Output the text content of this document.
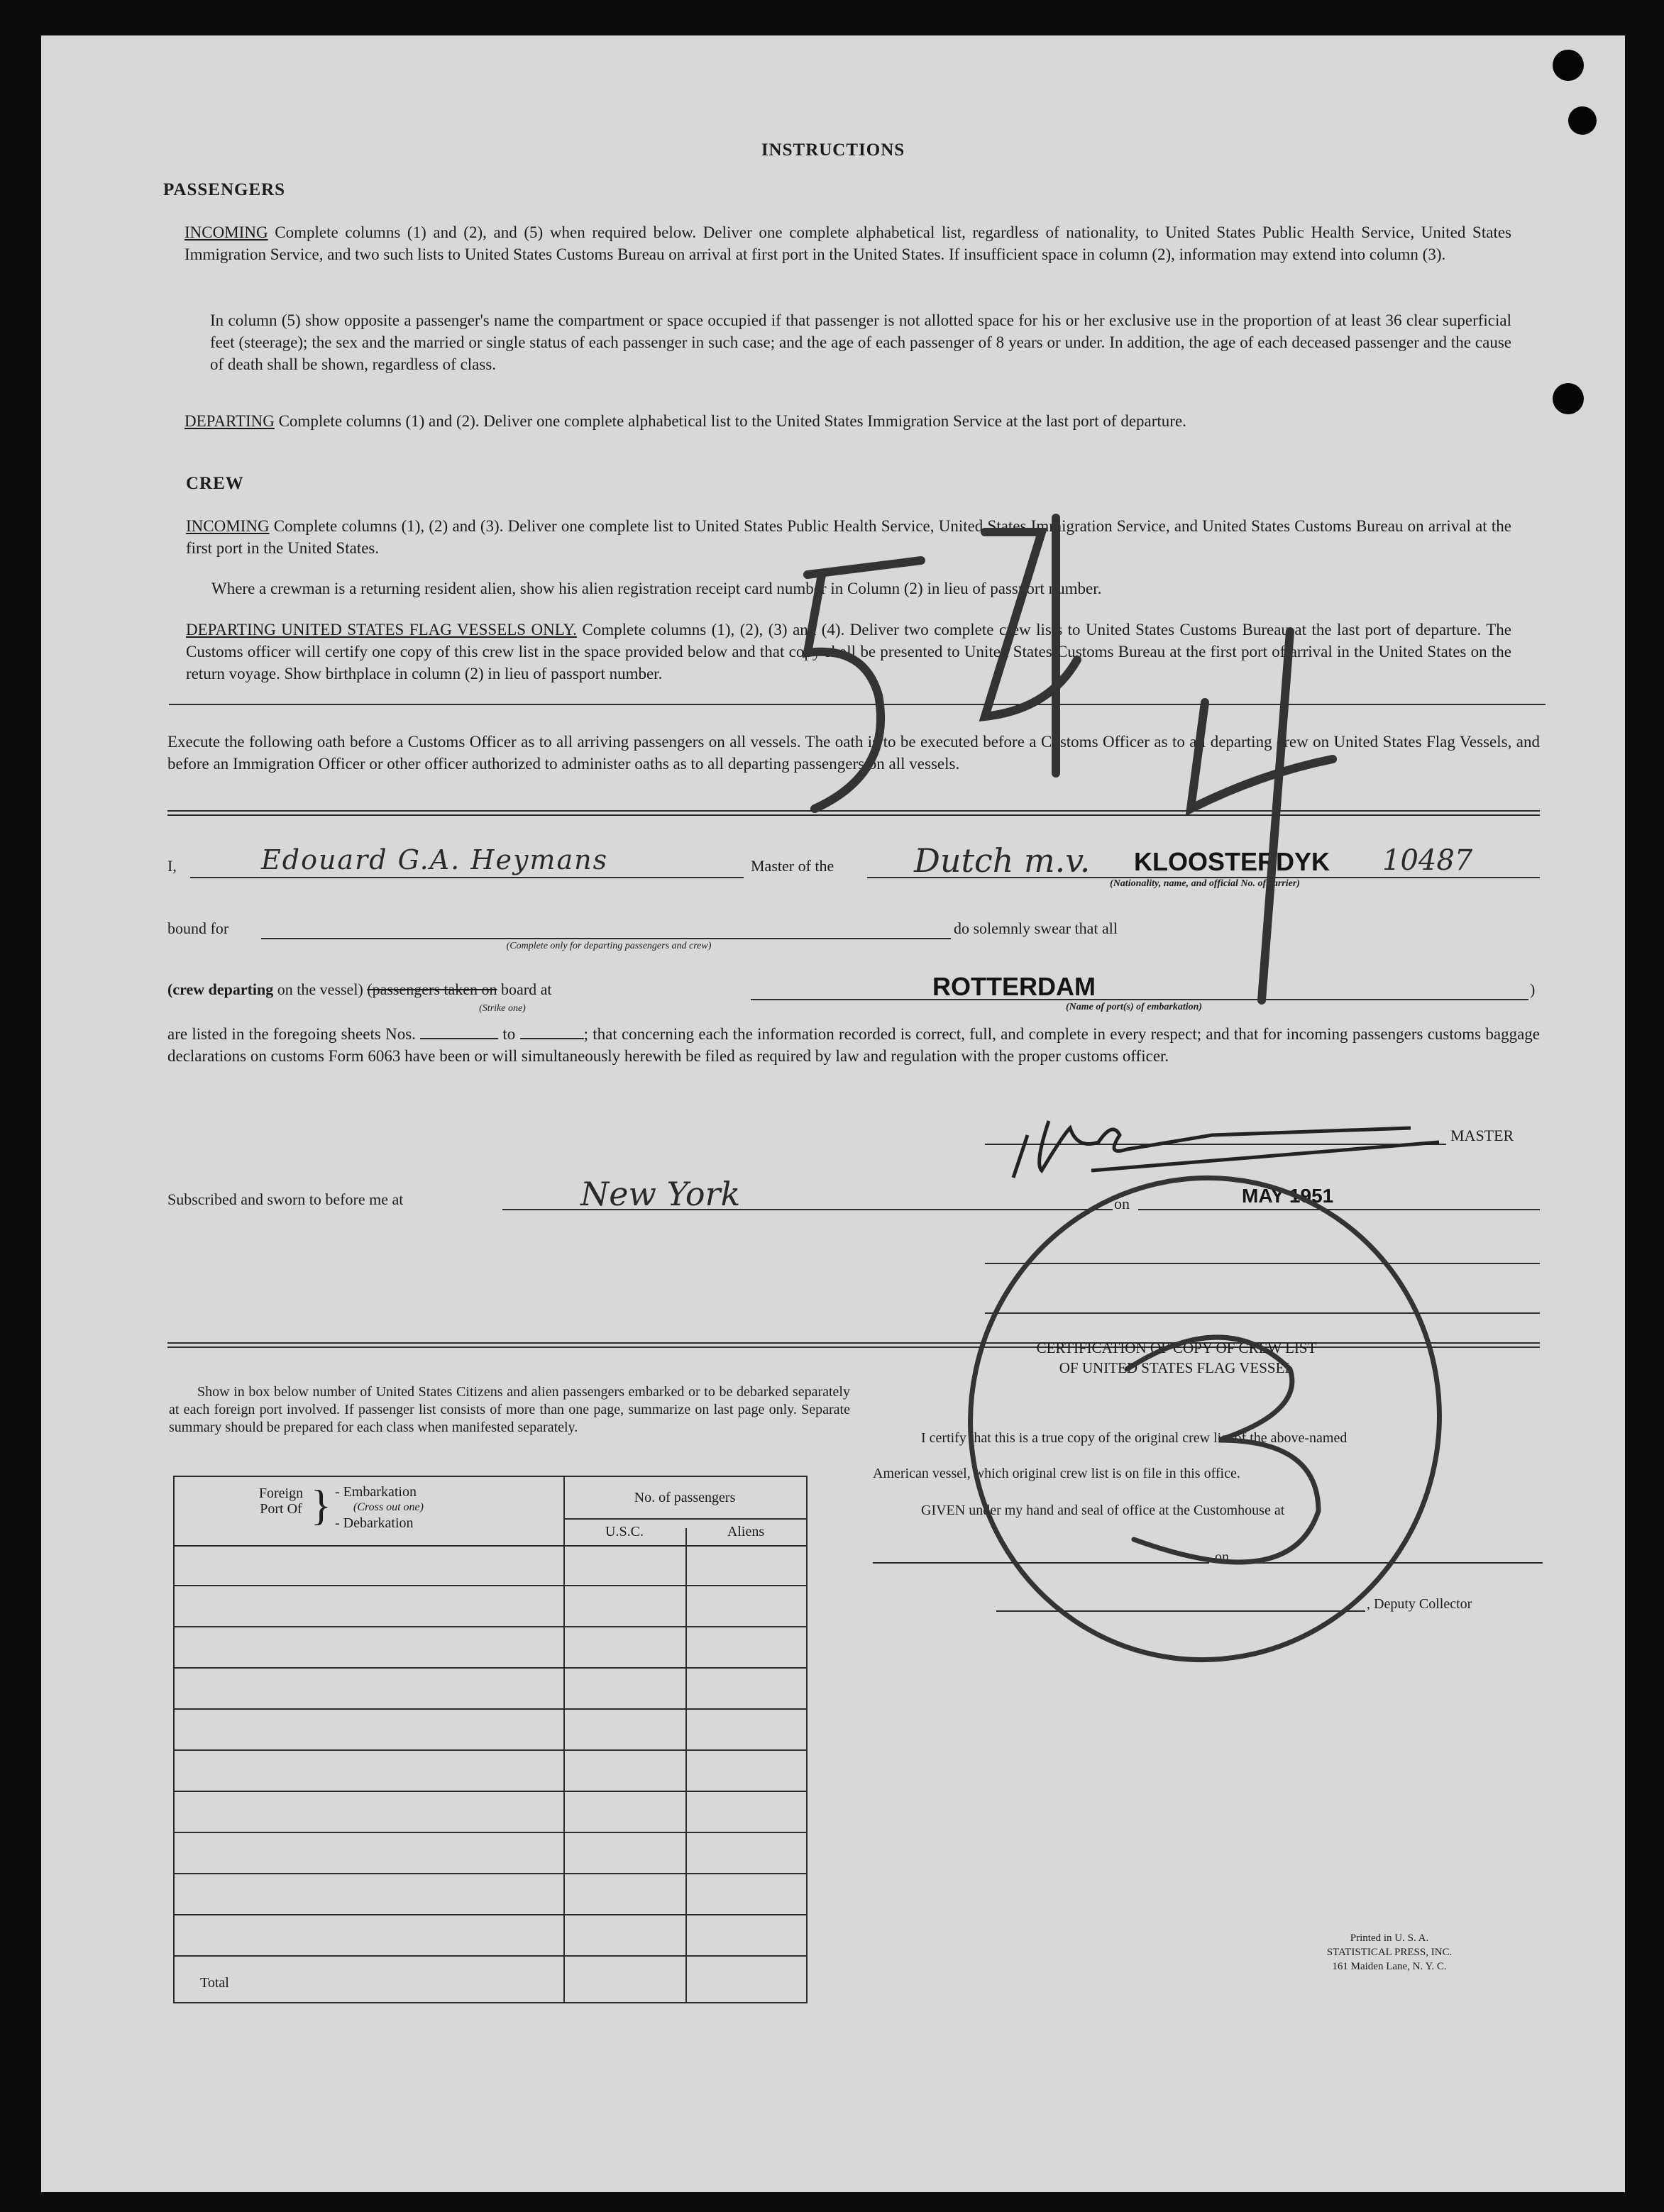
INSTRUCTIONS
PASSENGERS
INCOMING Complete columns (1) and (2), and (5) when required below. Deliver one complete alphabetical list, regardless of nationality, to United States Public Health Service, United States Immigration Service, and two such lists to United States Customs Bureau on arrival at first port in the United States. If insufficient space in column (2), information may extend into column (3).
In column (5) show opposite a passenger's name the compartment or space occupied if that passenger is not allotted space for his or her exclusive use in the proportion of at least 36 clear superficial feet (steerage); the sex and the married or single status of each passenger in such case; and the age of each passenger of 8 years or under. In addition, the age of each deceased passenger and the cause of death shall be shown, regardless of class.
DEPARTING Complete columns (1) and (2). Deliver one complete alphabetical list to the United States Immigration Service at the last port of departure.
CREW
INCOMING Complete columns (1), (2) and (3). Deliver one complete list to United States Public Health Service, United States Immigration Service, and United States Customs Bureau on arrival at the first port in the United States.
Where a crewman is a returning resident alien, show his alien registration receipt card number in Column (2) in lieu of passport number.
DEPARTING UNITED STATES FLAG VESSELS ONLY. Complete columns (1), (2), (3) and (4). Deliver two complete crew lists to United States Customs Bureau at the last port of departure. The Customs officer will certify one copy of this crew list in the space provided below and that copy shall be presented to United States Customs Bureau at the first port of arrival in the United States on the return voyage. Show birthplace in column (2) in lieu of passport number.
Execute the following oath before a Customs Officer as to all arriving passengers on all vessels. The oath is to be executed before a Customs Officer as to all departing crew on United States Flag Vessels, and before an Immigration Officer or other officer authorized to administer oaths as to all departing passengers on all vessels.
I,	Edouard G.A. Heymans	Master of the Dutch m.v. KLOOSTERDYK 10487
(Nationality, name, and official No. of carrier)
bound for
(Complete only for departing passengers and crew)
do solemnly swear that all
(crew departing on the vessel) (passengers taken on board at
(Strike one)
ROTTERDAM	)
(Name of port(s) of embarkation)
are listed in the foregoing sheets Nos.	to	; that concerning each the information recorded is correct, full, and complete in every respect; and that for incoming passengers customs baggage declarations on customs Form 6063 have been or will simultaneously herewith be filed as required by law and regulation with the proper customs officer.
MASTER
Subscribed and sworn to before me at	New York	on	MAY 1951
Show in box below number of United States Citizens and alien passengers embarked or to be debarked separately at each foreign port involved. If passenger list consists of more than one page, summarize on last page only. Separate summary should be prepared for each class when manifested separately.
Foreign Port Of } - Embarkation
(Cross out one)
- Debarkation
No. of passengers
U.S.C.	Aliens
Total
CERTIFICATION OF COPY OF CREW LIST
OF UNITED STATES FLAG VESSEL
I certify that this is a true copy of the original crew list of the above-named
American vessel, which original crew list is on file in this office.
GIVEN under my hand and seal of office at the Customhouse at
on
, Deputy Collector
Printed in U. S. A.
STATISTICAL PRESS, INC.
161 Maiden Lane, N. Y. C.
